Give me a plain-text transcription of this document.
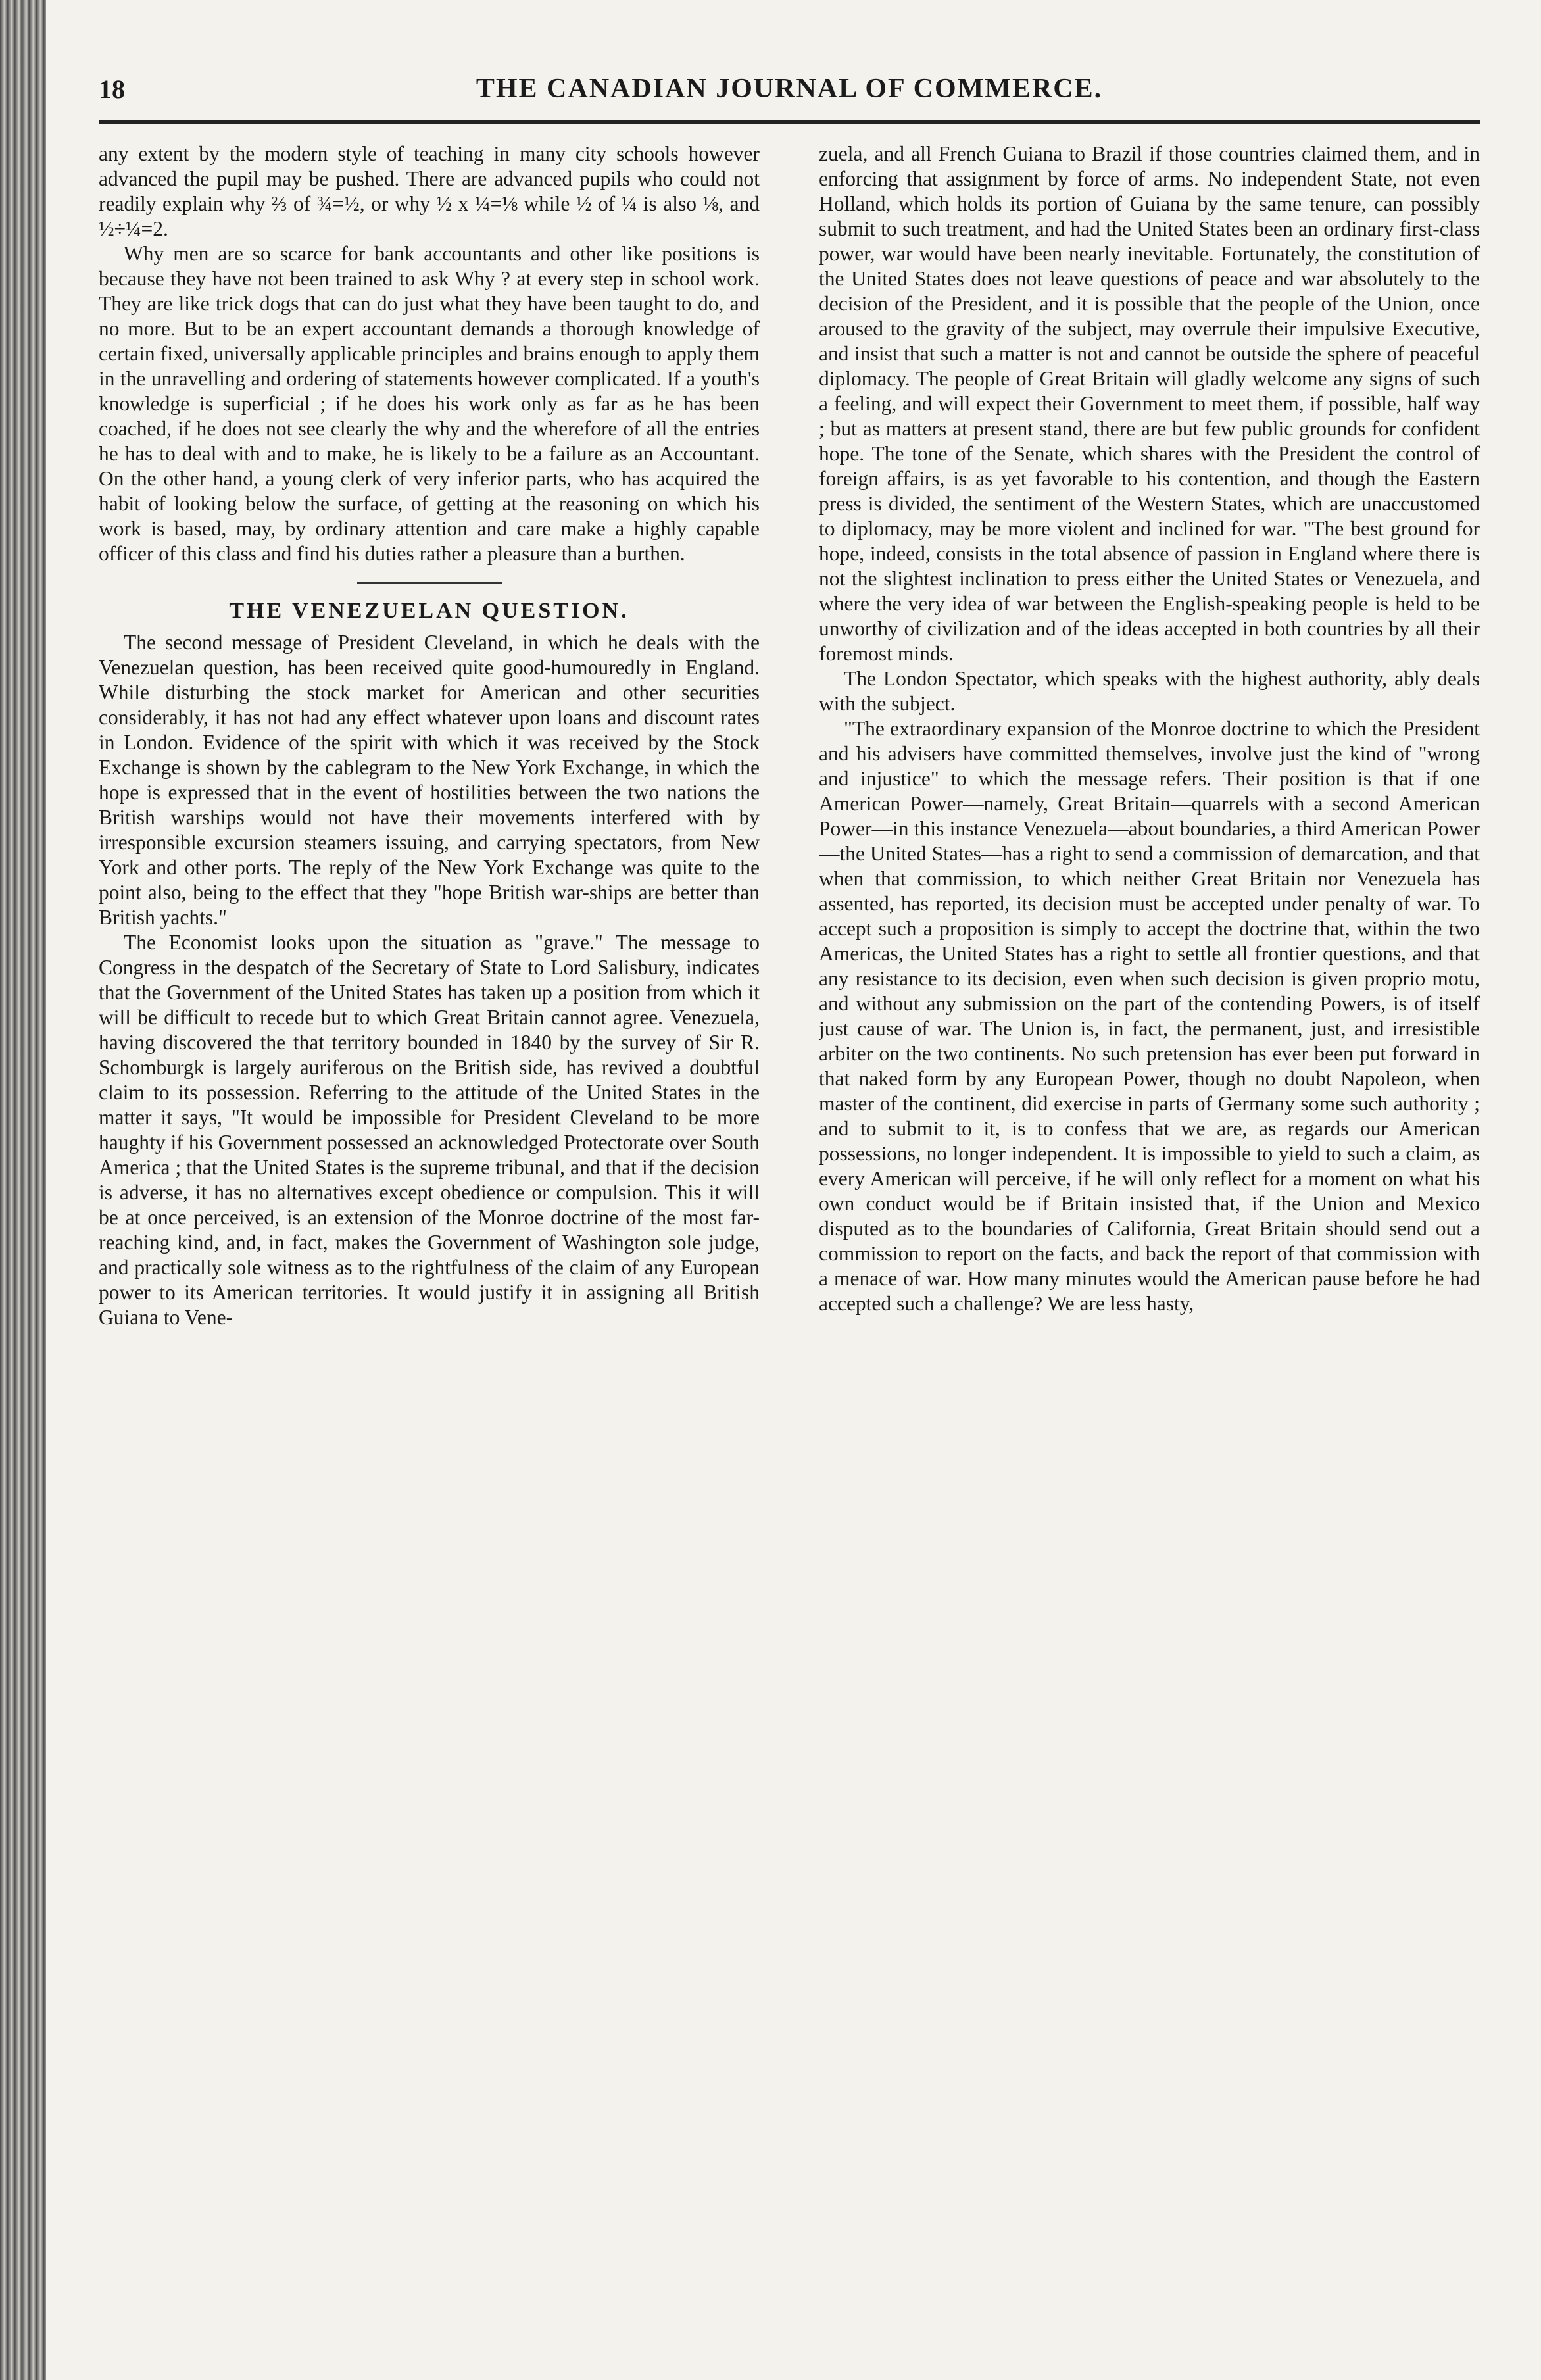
18	THE CANADIAN JOURNAL OF COMMERCE.

any extent by the modern style of teaching in many city schools however advanced the pupil may be pushed. There are advanced pupils who could not readily explain why ⅔ of ¾=½, or why ½ x ¼=⅛ while ½ of ¼ is also ⅛, and ½÷¼=2.

Why men are so scarce for bank accountants and other like positions is because they have not been trained to ask Why ? at every step in school work. They are like trick dogs that can do just what they have been taught to do, and no more. But to be an expert accountant demands a thorough knowledge of certain fixed, universally applicable principles and brains enough to apply them in the unravelling and ordering of statements however complicated. If a youth's knowledge is superficial ; if he does his work only as far as he has been coached, if he does not see clearly the why and the wherefore of all the entries he has to deal with and to make, he is likely to be a failure as an Accountant. On the other hand, a young clerk of very inferior parts, who has acquired the habit of looking below the surface, of getting at the reasoning on which his work is based, may, by ordinary attention and care make a highly capable officer of this class and find his duties rather a pleasure than a burthen.

THE VENEZUELAN QUESTION.

The second message of President Cleveland, in which he deals with the Venezuelan question, has been received quite good-humouredly in England. While disturbing the stock market for American and other securities considerably, it has not had any effect whatever upon loans and discount rates in London. Evidence of the spirit with which it was received by the Stock Exchange is shown by the cablegram to the New York Exchange, in which the hope is expressed that in the event of hostilities between the two nations the British warships would not have their movements interfered with by irresponsible excursion steamers issuing, and carrying spectators, from New York and other ports. The reply of the New York Exchange was quite to the point also, being to the effect that they "hope British war-ships are better than British yachts."

The Economist looks upon the situation as "grave." The message to Congress in the despatch of the Secretary of State to Lord Salisbury, indicates that the Government of the United States has taken up a position from which it will be difficult to recede but to which Great Britain cannot agree. Venezuela, having discovered the that territory bounded in 1840 by the survey of Sir R. Schomburgk is largely auriferous on the British side, has revived a doubtful claim to its possession. Referring to the attitude of the United States in the matter it says, "It would be impossible for President Cleveland to be more haughty if his Government possessed an acknowledged Protectorate over South America ; that the United States is the supreme tribunal, and that if the decision is adverse, it has no alternatives except obedience or compulsion. This it will be at once perceived, is an extension of the Monroe doctrine of the most far-reaching kind, and, in fact, makes the Government of Washington sole judge, and practically sole witness as to the rightfulness of the claim of any European power to its American territories. It would justify it in assigning all British Guiana to Vene-

zuela, and all French Guiana to Brazil if those countries claimed them, and in enforcing that assignment by force of arms. No independent State, not even Holland, which holds its portion of Guiana by the same tenure, can possibly submit to such treatment, and had the United States been an ordinary first-class power, war would have been nearly inevitable. Fortunately, the constitution of the United States does not leave questions of peace and war absolutely to the decision of the President, and it is possible that the people of the Union, once aroused to the gravity of the subject, may overrule their impulsive Executive, and insist that such a matter is not and cannot be outside the sphere of peaceful diplomacy. The people of Great Britain will gladly welcome any signs of such a feeling, and will expect their Government to meet them, if possible, half way ; but as matters at present stand, there are but few public grounds for confident hope. The tone of the Senate, which shares with the President the control of foreign affairs, is as yet favorable to his contention, and though the Eastern press is divided, the sentiment of the Western States, which are unaccustomed to diplomacy, may be more violent and inclined for war. "The best ground for hope, indeed, consists in the total absence of passion in England where there is not the slightest inclination to press either the United States or Venezuela, and where the very idea of war between the English-speaking people is held to be unworthy of civilization and of the ideas accepted in both countries by all their foremost minds.

The London Spectator, which speaks with the highest authority, ably deals with the subject.

"The extraordinary expansion of the Monroe doctrine to which the President and his advisers have committed themselves, involve just the kind of "wrong and injustice" to which the message refers. Their position is that if one American Power—namely, Great Britain—quarrels with a second American Power—in this instance Venezuela—about boundaries, a third American Power—the United States—has a right to send a commission of demarcation, and that when that commission, to which neither Great Britain nor Venezuela has assented, has reported, its decision must be accepted under penalty of war. To accept such a proposition is simply to accept the doctrine that, within the two Americas, the United States has a right to settle all frontier questions, and that any resistance to its decision, even when such decision is given proprio motu, and without any submission on the part of the contending Powers, is of itself just cause of war. The Union is, in fact, the permanent, just, and irresistible arbiter on the two continents. No such pretension has ever been put forward in that naked form by any European Power, though no doubt Napoleon, when master of the continent, did exercise in parts of Germany some such authority ; and to submit to it, is to confess that we are, as regards our American possessions, no longer independent. It is impossible to yield to such a claim, as every American will perceive, if he will only reflect for a moment on what his own conduct would be if Britain insisted that, if the Union and Mexico disputed as to the boundaries of California, Great Britain should send out a commission to report on the facts, and back the report of that commission with a menace of war. How many minutes would the American pause before he had accepted such a challenge? We are less hasty,
